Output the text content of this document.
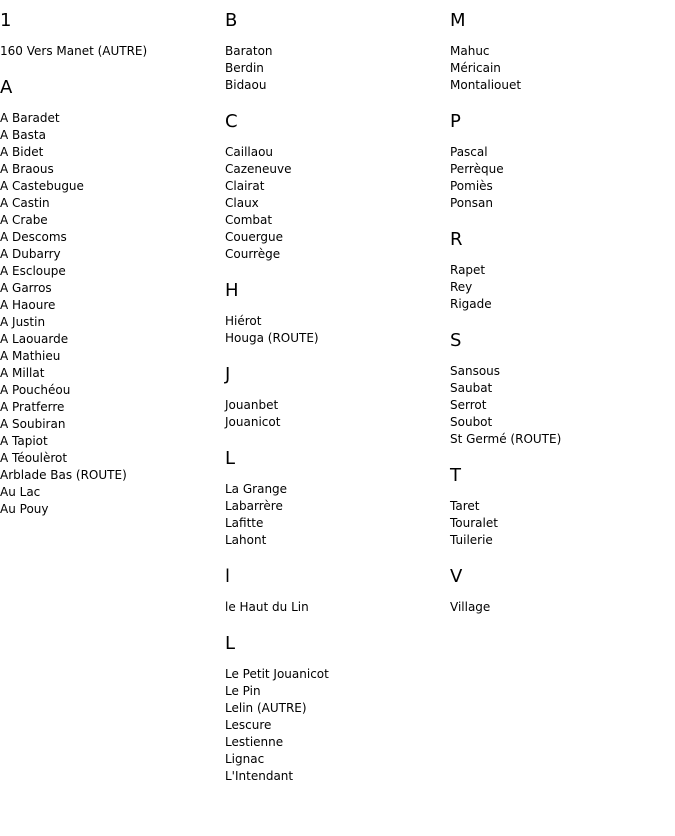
1
160 Vers Manet (AUTRE)
A
A Baradet
A Basta
A Bidet
A Braous
A Castebugue
A Castin
A Crabe
A Descoms
A Dubarry
A Escloupe
A Garros
A Haoure
A Justin
A Laouarde
A Mathieu
A Millat
A Pouchéou
A Pratferre
A Soubiran
A Tapiot
A Téoulèrot
Arblade Bas (ROUTE)
Au Lac
Au Pouy
B
Baraton
Berdin
Bidaou
C
Caillaou
Cazeneuve
Clairat
Claux
Combat
Couergue
Courrège
H
Hiérot
Houga (ROUTE)
J
Jouanbet
Jouanicot
L
La Grange
Labarrère
Lafitte
Lahont
l
le Haut du Lin
L
Le Petit Jouanicot
Le Pin
Lelin (AUTRE)
Lescure
Lestienne
Lignac
L'Intendant
M
Mahuc
Méricain
Montaliouet
P
Pascal
Perrèque
Pomiès
Ponsan
R
Rapet
Rey
Rigade
S
Sansous
Saubat
Serrot
Soubot
St Germé (ROUTE)
T
Taret
Touralet
Tuilerie
V
Village
